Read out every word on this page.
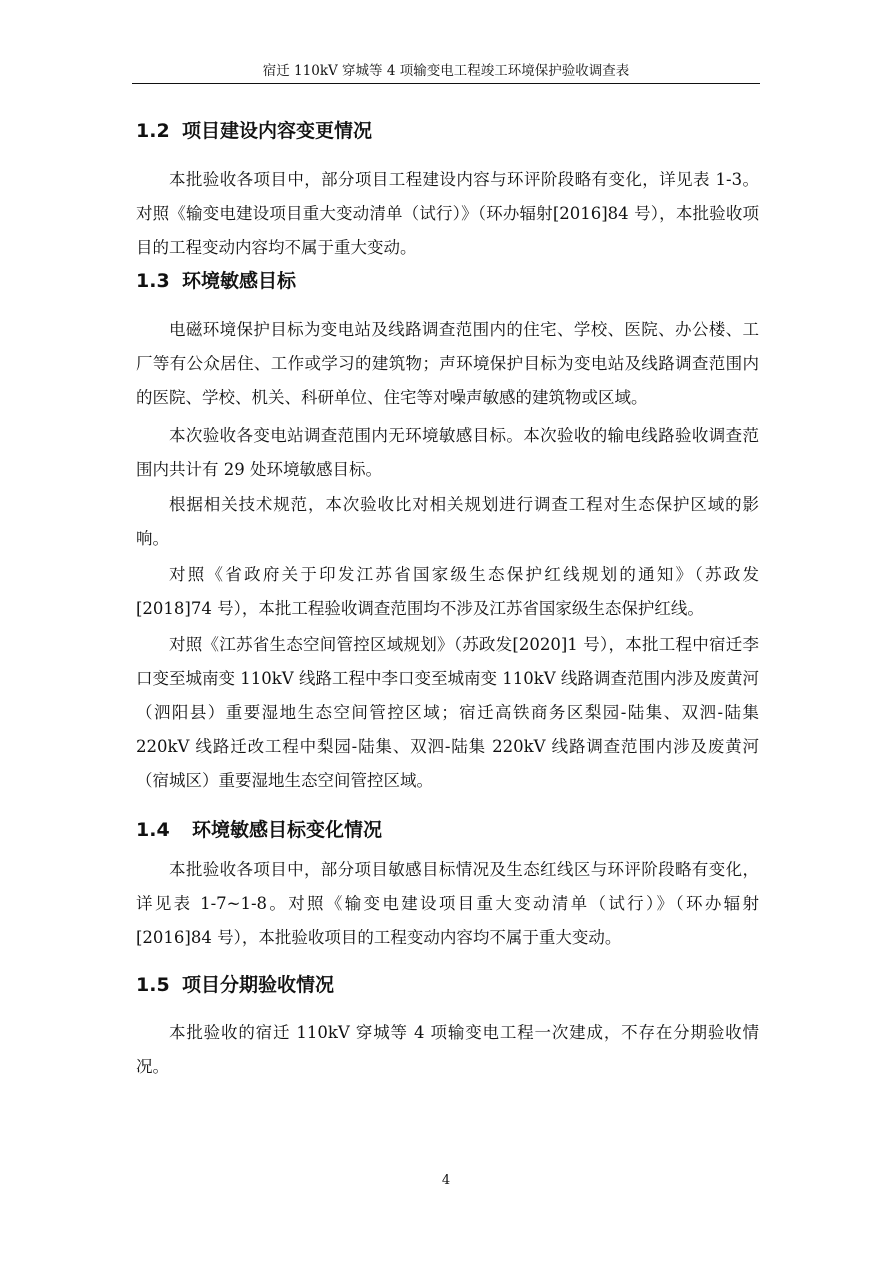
宿迁 110kV 穿城等 4 项输变电工程竣工环境保护验收调查表
1.2 项目建设内容变更情况

本批验收各项目中，部分项目工程建设内容与环评阶段略有变化，详见表 1-3。对照《输变电建设项目重大变动清单（试行）》（环办辐射[2016]84 号），本批验收项目的工程变动内容均不属于重大变动。

1.3 环境敏感目标

电磁环境保护目标为变电站及线路调查范围内的住宅、学校、医院、办公楼、工厂等有公众居住、工作或学习的建筑物；声环境保护目标为变电站及线路调查范围内的医院、学校、机关、科研单位、住宅等对噪声敏感的建筑物或区域。

本次验收各变电站调查范围内无环境敏感目标。本次验收的输电线路验收调查范围内共计有 29 处环境敏感目标。

根据相关技术规范，本次验收比对相关规划进行调查工程对生态保护区域的影响。

对照《省政府关于印发江苏省国家级生态保护红线规划的通知》（苏政发[2018]74 号），本批工程验收调查范围均不涉及江苏省国家级生态保护红线。

对照《江苏省生态空间管控区域规划》（苏政发[2020]1 号），本批工程中宿迁李口变至城南变 110kV 线路工程中李口变至城南变 110kV 线路调查范围内涉及废黄河（泗阳县）重要湿地生态空间管控区域；宿迁高铁商务区梨园-陆集、双泗-陆集 220kV 线路迁改工程中梨园-陆集、双泗-陆集 220kV 线路调查范围内涉及废黄河（宿城区）重要湿地生态空间管控区域。

1.4 环境敏感目标变化情况

本批验收各项目中，部分项目敏感目标情况及生态红线区与环评阶段略有变化，详见表 1-7~1-8。对照《输变电建设项目重大变动清单（试行）》（环办辐射[2016]84 号），本批验收项目的工程变动内容均不属于重大变动。

1.5 项目分期验收情况

本批验收的宿迁 110kV 穿城等 4 项输变电工程一次建成，不存在分期验收情况。

4
